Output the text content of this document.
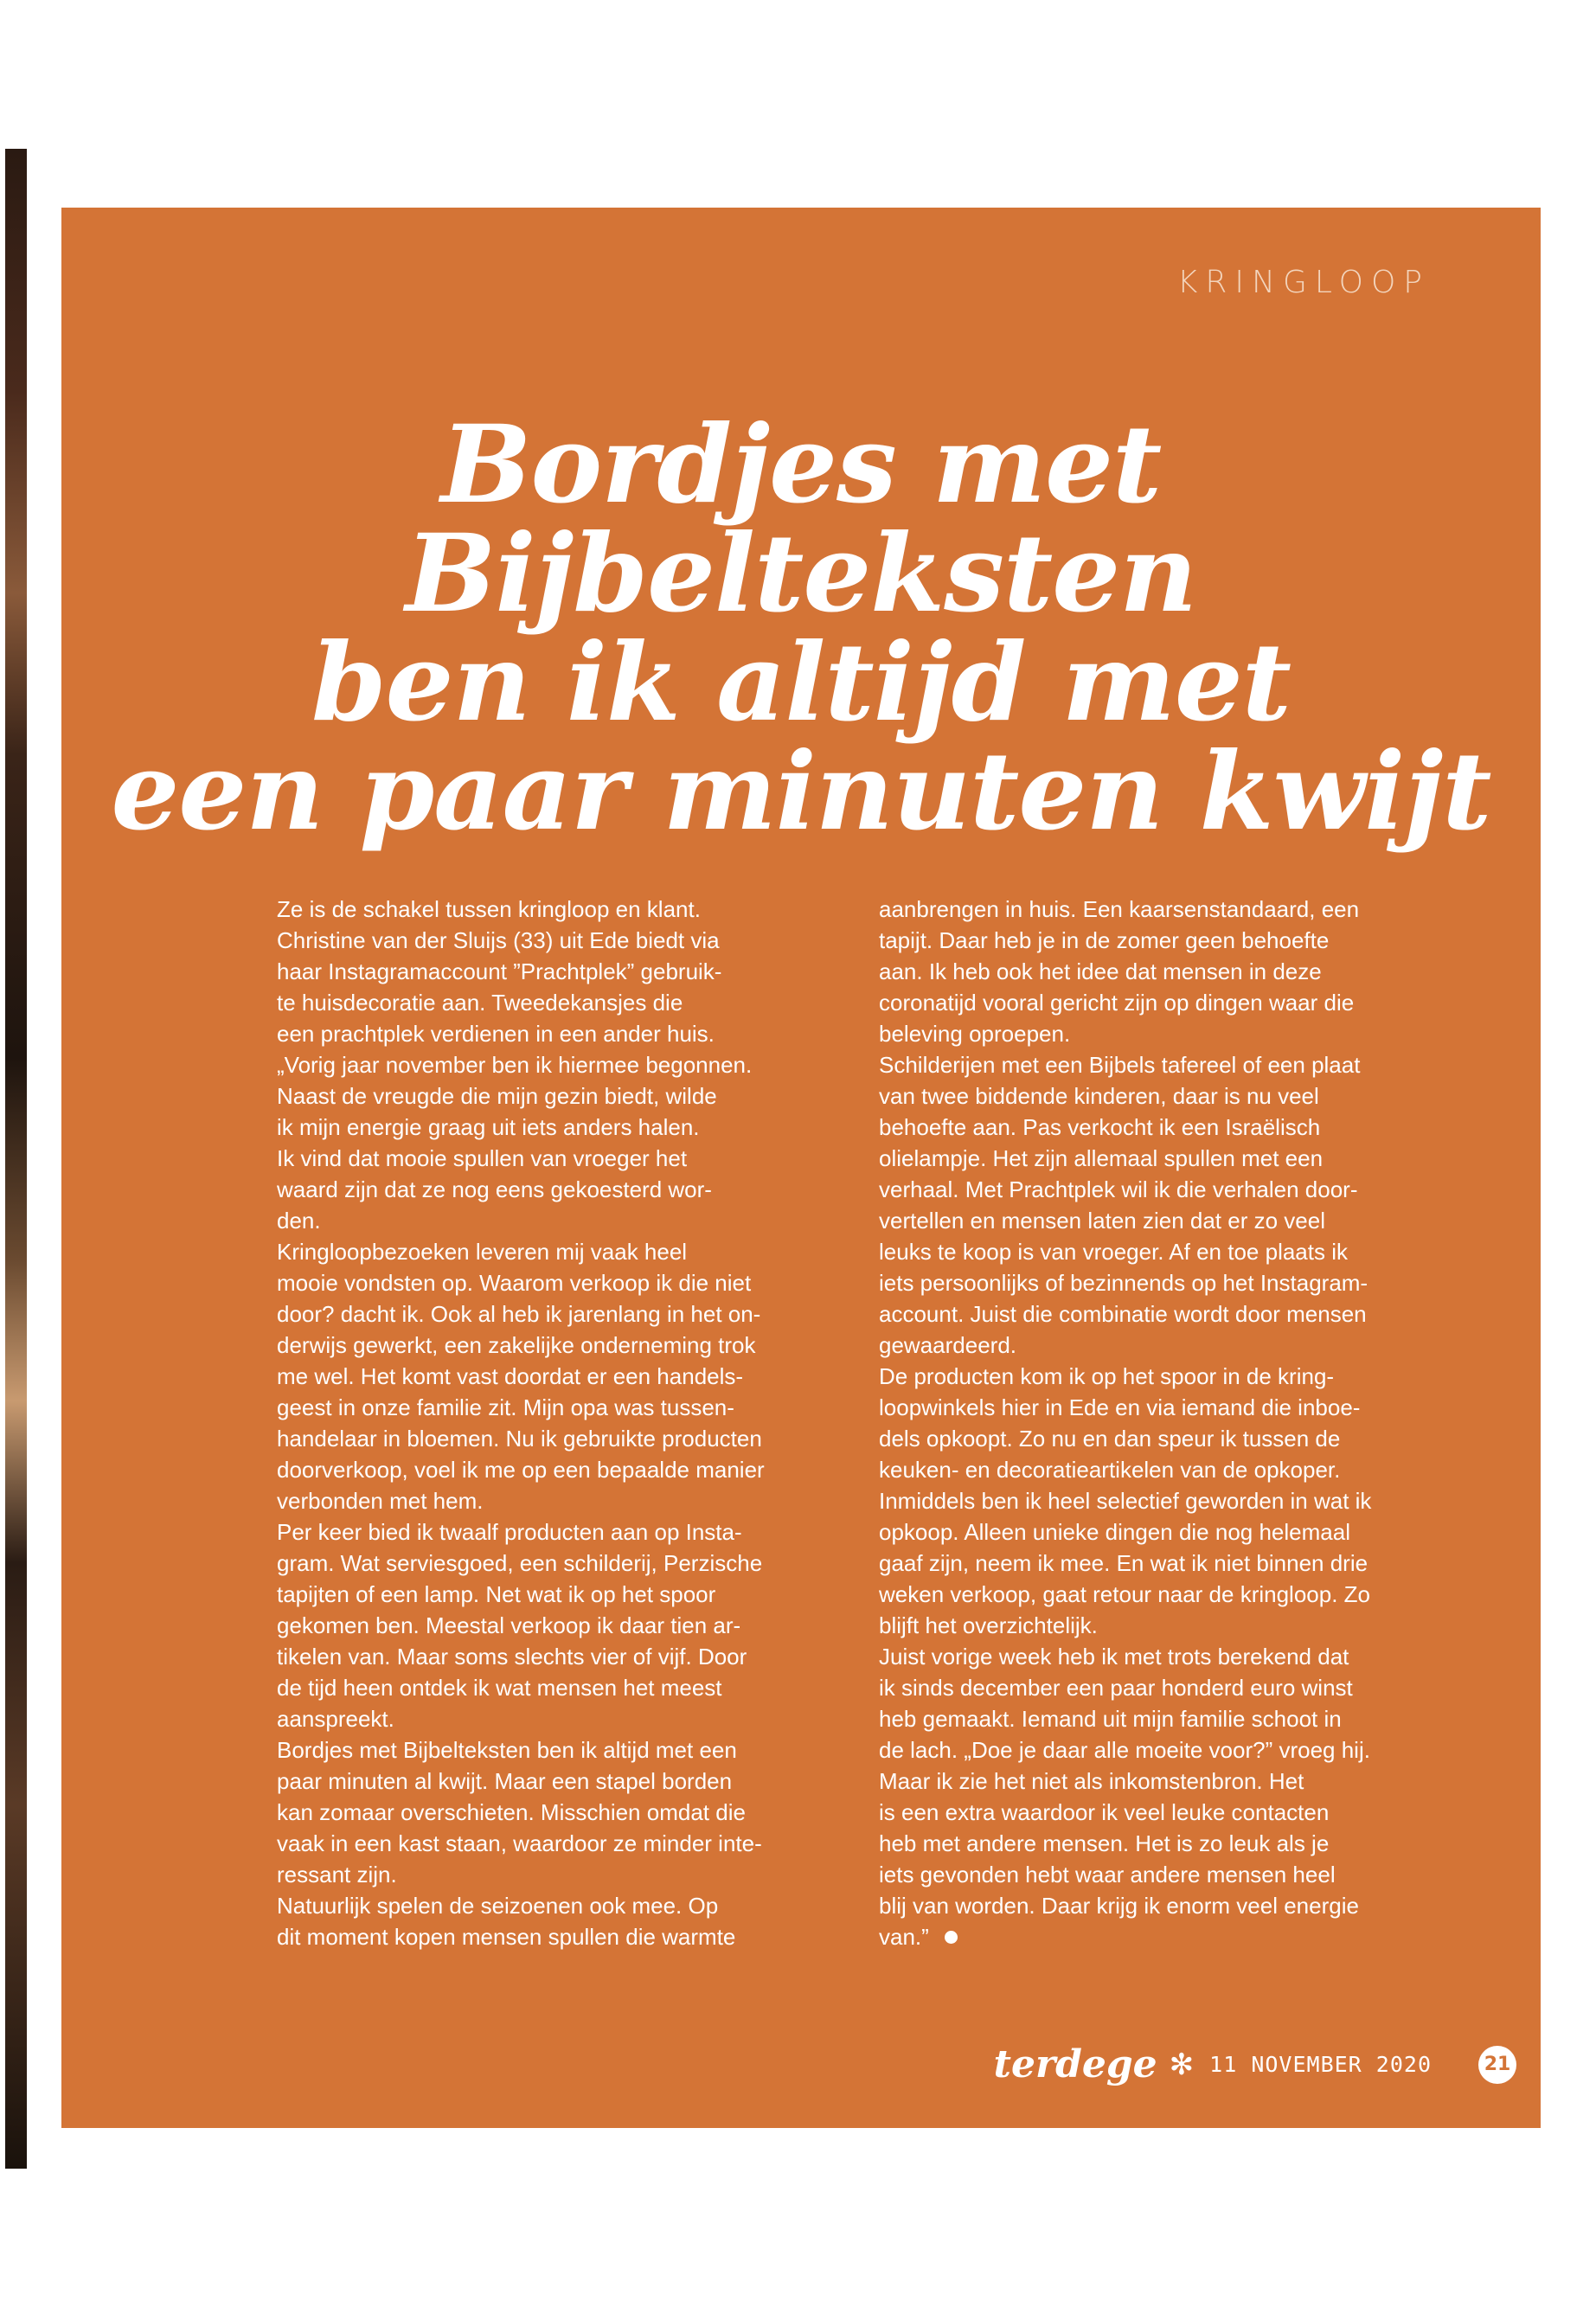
KRINGLOOP
Bordjes met Bijbelteksten
ben ik altijd met
een paar minuten kwijt

Ze is de schakel tussen kringloop en klant.
Christine van der Sluijs (33) uit Ede biedt via
haar Instagramaccount ”Prachtplek” gebruik-
te huisdecoratie aan. Tweedekansjes die
een prachtplek verdienen in een ander huis.

„Vorig jaar november ben ik hiermee begonnen.
Naast de vreugde die mijn gezin biedt, wilde
ik mijn energie graag uit iets anders halen.
Ik vind dat mooie spullen van vroeger het
waard zijn dat ze nog eens gekoesterd wor-
den.

Kringloopbezoeken leveren mij vaak heel
mooie vondsten op. Waarom verkoop ik die niet
door? dacht ik. Ook al heb ik jarenlang in het on-
derwijs gewerkt, een zakelijke onderneming trok
me wel. Het komt vast doordat er een handels-
geest in onze familie zit. Mijn opa was tussen-
handelaar in bloemen. Nu ik gebruikte producten
doorverkoop, voel ik me op een bepaalde manier
verbonden met hem.

Per keer bied ik twaalf producten aan op Insta-
gram. Wat serviesgoed, een schilderij, Perzische
tapijten of een lamp. Net wat ik op het spoor
gekomen ben. Meestal verkoop ik daar tien ar-
tikelen van. Maar soms slechts vier of vijf. Door
de tijd heen ontdek ik wat mensen het meest
aanspreekt.

Bordjes met Bijbelteksten ben ik altijd met een
paar minuten al kwijt. Maar een stapel borden
kan zomaar overschieten. Misschien omdat die
vaak in een kast staan, waardoor ze minder inte-
ressant zijn.

Natuurlijk spelen de seizoenen ook mee. Op
dit moment kopen mensen spullen die warmte

aanbrengen in huis. Een kaarsenstandaard, een
tapijt. Daar heb je in de zomer geen behoefte
aan. Ik heb ook het idee dat mensen in deze
coronatijd vooral gericht zijn op dingen waar die
beleving oproepen.

Schilderijen met een Bijbels tafereel of een plaat
van twee biddende kinderen, daar is nu veel
behoefte aan. Pas verkocht ik een Israëlisch
olielampje. Het zijn allemaal spullen met een
verhaal. Met Prachtplek wil ik die verhalen door-
vertellen en mensen laten zien dat er zo veel
leuks te koop is van vroeger. Af en toe plaats ik
iets persoonlijks of bezinnends op het Instagram-
account. Juist die combinatie wordt door mensen
gewaardeerd.

De producten kom ik op het spoor in de kring-
loopwinkels hier in Ede en via iemand die inboe-
dels opkoopt. Zo nu en dan speur ik tussen de
keuken- en decoratieartikelen van de opkoper.
Inmiddels ben ik heel selectief geworden in wat ik
opkoop. Alleen unieke dingen die nog helemaal
gaaf zijn, neem ik mee. En wat ik niet binnen drie
weken verkoop, gaat retour naar de kringloop. Zo
blijft het overzichtelijk.

Juist vorige week heb ik met trots berekend dat
ik sinds december een paar honderd euro winst
heb gemaakt. Iemand uit mijn familie schoot in
de lach. „Doe je daar alle moeite voor?” vroeg hij.
Maar ik zie het niet als inkomstenbron. Het
is een extra waardoor ik veel leuke contacten
heb met andere mensen. Het is zo leuk als je
iets gevonden hebt waar andere mensen heel
blij van worden. Daar krijg ik enorm veel energie
van.”

terdege ✻ 11 NOVEMBER 2020	21
